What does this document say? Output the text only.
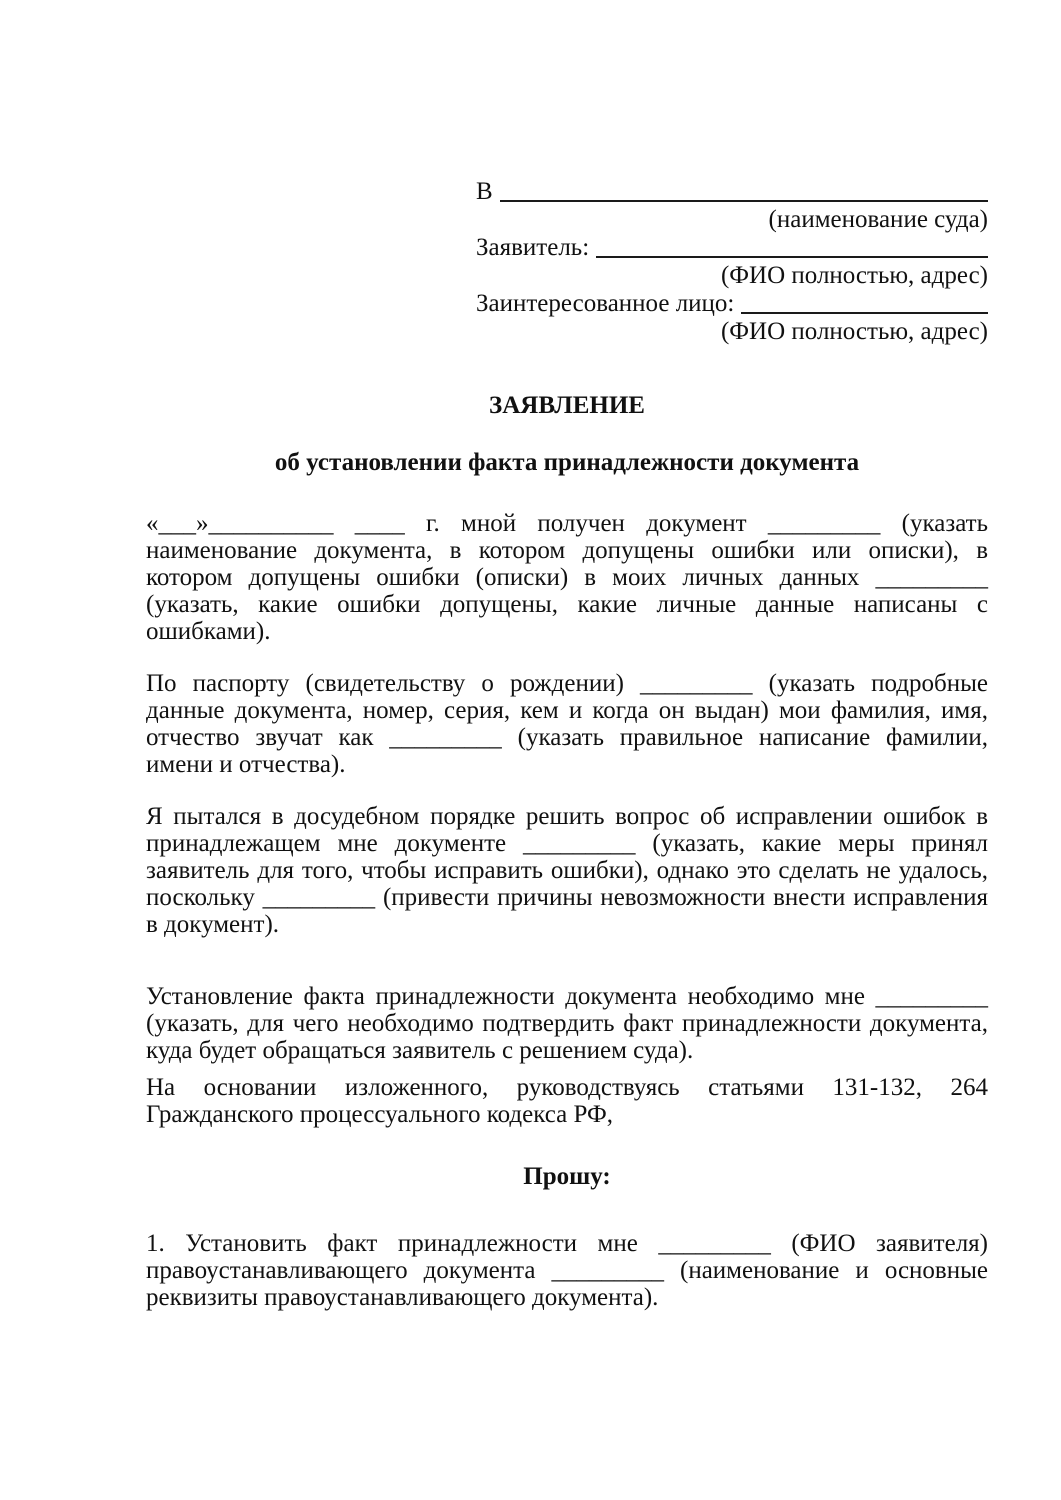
В
(наименование суда)
Заявитель:
(ФИО полностью, адрес)
Заинтересованное лицо:
(ФИО полностью, адрес)
ЗАЯВЛЕНИЕ
об установлении факта принадлежности документа
«___»__________ ____ г. мной получен документ _________ (указать наименование документа, в котором допущены ошибки или описки), в котором допущены ошибки (описки) в моих личных данных _________ (указать, какие ошибки допущены, какие личные данные написаны с ошибками).
По паспорту (свидетельству о рождении) _________ (указать подробные данные документа, номер, серия, кем и когда он выдан) мои фамилия, имя, отчество звучат как _________ (указать правильное написание фамилии, имени и отчества).
Я пытался в досудебном порядке решить вопрос об исправлении ошибок в принадлежащем мне документе _________ (указать, какие меры принял заявитель для того, чтобы исправить ошибки), однако это сделать не удалось, поскольку _________ (привести причины невозможности внести исправления в документ).
Установление факта принадлежности документа необходимо мне _________ (указать, для чего необходимо подтвердить факт принадлежности документа, куда будет обращаться заявитель с решением суда).
На основании изложенного, руководствуясь статьями 131-132, 264 Гражданского процессуального кодекса РФ,
Прошу:
1. Установить факт принадлежности мне _________ (ФИО заявителя) правоустанавливающего документа _________ (наименование и основные реквизиты правоустанавливающего документа).
